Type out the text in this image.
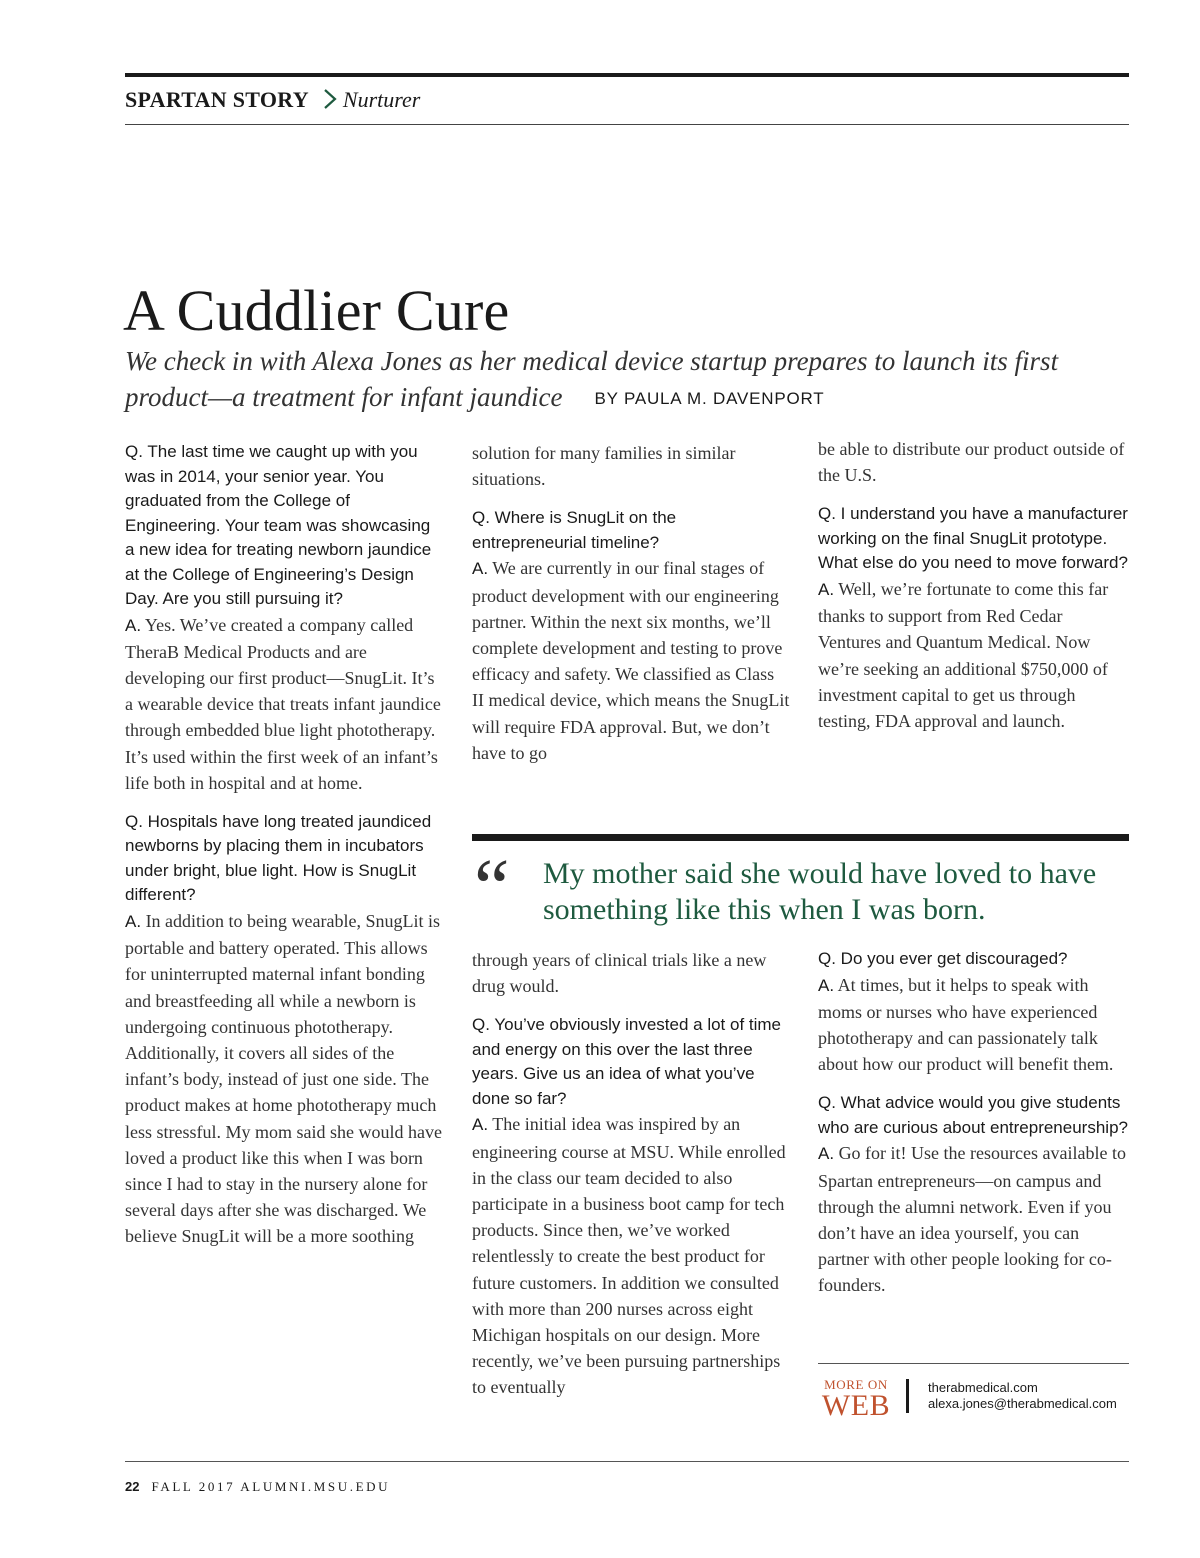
SPARTAN STORY Nurturer
A Cuddlier Cure
We check in with Alexa Jones as her medical device startup prepares to launch its first product—a treatment for infant jaundice BY PAULA M. DAVENPORT

Q. The last time we caught up with you was in 2014, your senior year. You graduated from the College of Engineering. Your team was showcasing a new idea for treating newborn jaundice at the College of Engineering’s Design Day. Are you still pursuing it?

A. Yes. We’ve created a company called TheraB Medical Products and are developing our first product—SnugLit. It’s a wearable device that treats infant jaundice through embedded blue light phototherapy. It’s used within the first week of an infant’s life both in hospital and at home.

Q. Hospitals have long treated jaundiced newborns by placing them in incubators under bright, blue light. How is SnugLit different?

A. In addition to being wearable, SnugLit is portable and battery operated. This allows for uninterrupted maternal infant bonding and breastfeeding all while a newborn is undergoing continuous phototherapy. Additionally, it covers all sides of the infant’s body, instead of just one side. The product makes at home phototherapy much less stressful. My mom said she would have loved a product like this when I was born since I had to stay in the nursery alone for several days after she was discharged. We believe SnugLit will be a more soothing

solution for many families in similar situations.

Q. Where is SnugLit on the entrepreneurial timeline?

A. We are currently in our final stages of product development with our engineering partner. Within the next six months, we’ll complete development and testing to prove efficacy and safety. We classified as Class II medical device, which means the SnugLit will require FDA approval. But, we don’t have to go

be able to distribute our product outside of the U.S.

Q. I understand you have a manufacturer working on the final SnugLit prototype. What else do you need to move forward?

A. Well, we’re fortunate to come this far thanks to support from Red Cedar Ventures and Quantum Medical. Now we’re seeking an additional $750,000 of investment capital to get us through testing, FDA approval and launch.

“ My mother said she would have loved to have something like this when I was born.

through years of clinical trials like a new drug would.

Q. You’ve obviously invested a lot of time and energy on this over the last three years. Give us an idea of what you’ve done so far?

A. The initial idea was inspired by an engineering course at MSU. While enrolled in the class our team decided to also participate in a business boot camp for tech products. Since then, we’ve worked relentlessly to create the best product for future customers. In addition we consulted with more than 200 nurses across eight Michigan hospitals on our design. More recently, we’ve been pursuing partnerships to eventually

Q. Do you ever get discouraged?

A. At times, but it helps to speak with moms or nurses who have experienced phototherapy and can passionately talk about how our product will benefit them.

Q. What advice would you give students who are curious about entrepreneurship?

A. Go for it! Use the resources available to Spartan entrepreneurs—on campus and through the alumni network. Even if you don’t have an idea yourself, you can partner with other people looking for co-founders.

MORE ON
WEB
therabmedical.com
alexa.jones@therabmedical.com
22 FALL 2017 ALUMNI.MSU.EDU
